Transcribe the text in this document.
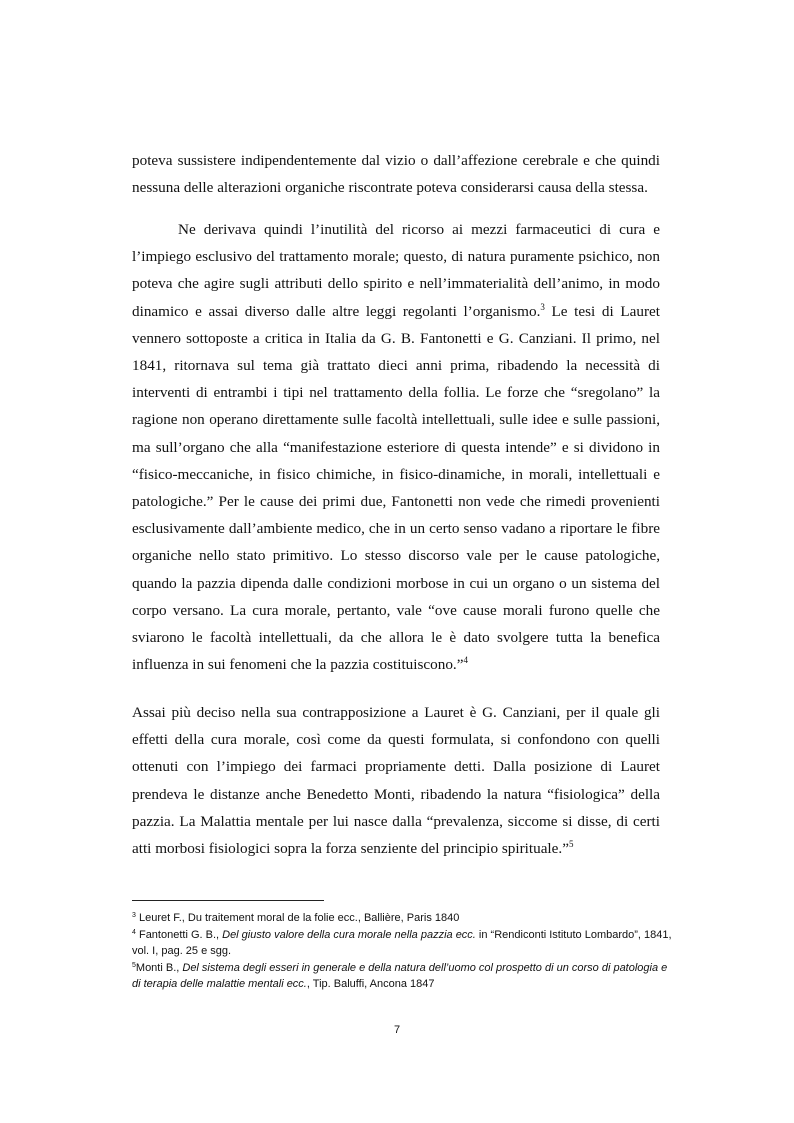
poteva sussistere indipendentemente dal vizio o dall’affezione cerebrale e che quindi nessuna delle alterazioni organiche riscontrate poteva considerarsi causa della stessa.

Ne derivava quindi l’inutilità del ricorso ai mezzi farmaceutici di cura e l’impiego esclusivo del trattamento morale; questo, di natura puramente psichico, non poteva che agire sugli attributi dello spirito e nell’immaterialità dell’animo, in modo dinamico e assai diverso dalle altre leggi regolanti l’organismo.$^3$ Le tesi di Lauret vennero sottoposte a critica in Italia da G. B. Fantonetti e G. Canziani. Il primo, nel 1841, ritornava sul tema già trattato dieci anni prima, ribadendo la necessità di interventi di entrambi i tipi nel trattamento della follia. Le forze che “sregolano” la ragione non operano direttamente sulle facoltà intellettuali, sulle idee e sulle passioni, ma sull’organo che alla “manifestazione esteriore di questa intende” e si dividono in “fisico-meccaniche, in fisico chimiche, in fisico-dinamiche, in morali, intellettuali e patologiche.” Per le cause dei primi due, Fantonetti non vede che rimedi provenienti esclusivamente dall’ambiente medico, che in un certo senso vadano a riportare le fibre organiche nello stato primitivo. Lo stesso discorso vale per le cause patologiche, quando la pazzia dipenda dalle condizioni morbose in cui un organo o un sistema del corpo versano. La cura morale, pertanto, vale “ove cause morali furono quelle che sviarono le facoltà intellettuali, da che allora le è dato svolgere tutta la benefica influenza in sui fenomeni che la pazzia costituiscono.”$^4$

Assai più deciso nella sua contrapposizione a Lauret è G. Canziani, per il quale gli effetti della cura morale, così come da questi formulata, si confondono con quelli ottenuti con l’impiego dei farmaci propriamente detti. Dalla posizione di Lauret prendeva le distanze anche Benedetto Monti, ribadendo la natura “fisiologica” della pazzia. La Malattia mentale per lui nasce dalla “prevalenza, siccome si disse, di certi atti morbosi fisiologici sopra la forza senziente del principio spirituale.”$^5$

$^3$ Leuret F., Du traitement moral de la folie ecc., Ballière, Paris 1840

$^4$ Fantonetti G. B., Del giusto valore della cura morale nella pazzia ecc. in “Rendiconti Istituto Lombardo”, 1841, vol. I, pag. 25 e sgg.

$^5$Monti B., Del sistema degli esseri in generale e della natura dell’uomo col prospetto di un corso di patologia e di terapia delle malattie mentali ecc., Tip. Baluffi, Ancona 1847

7
